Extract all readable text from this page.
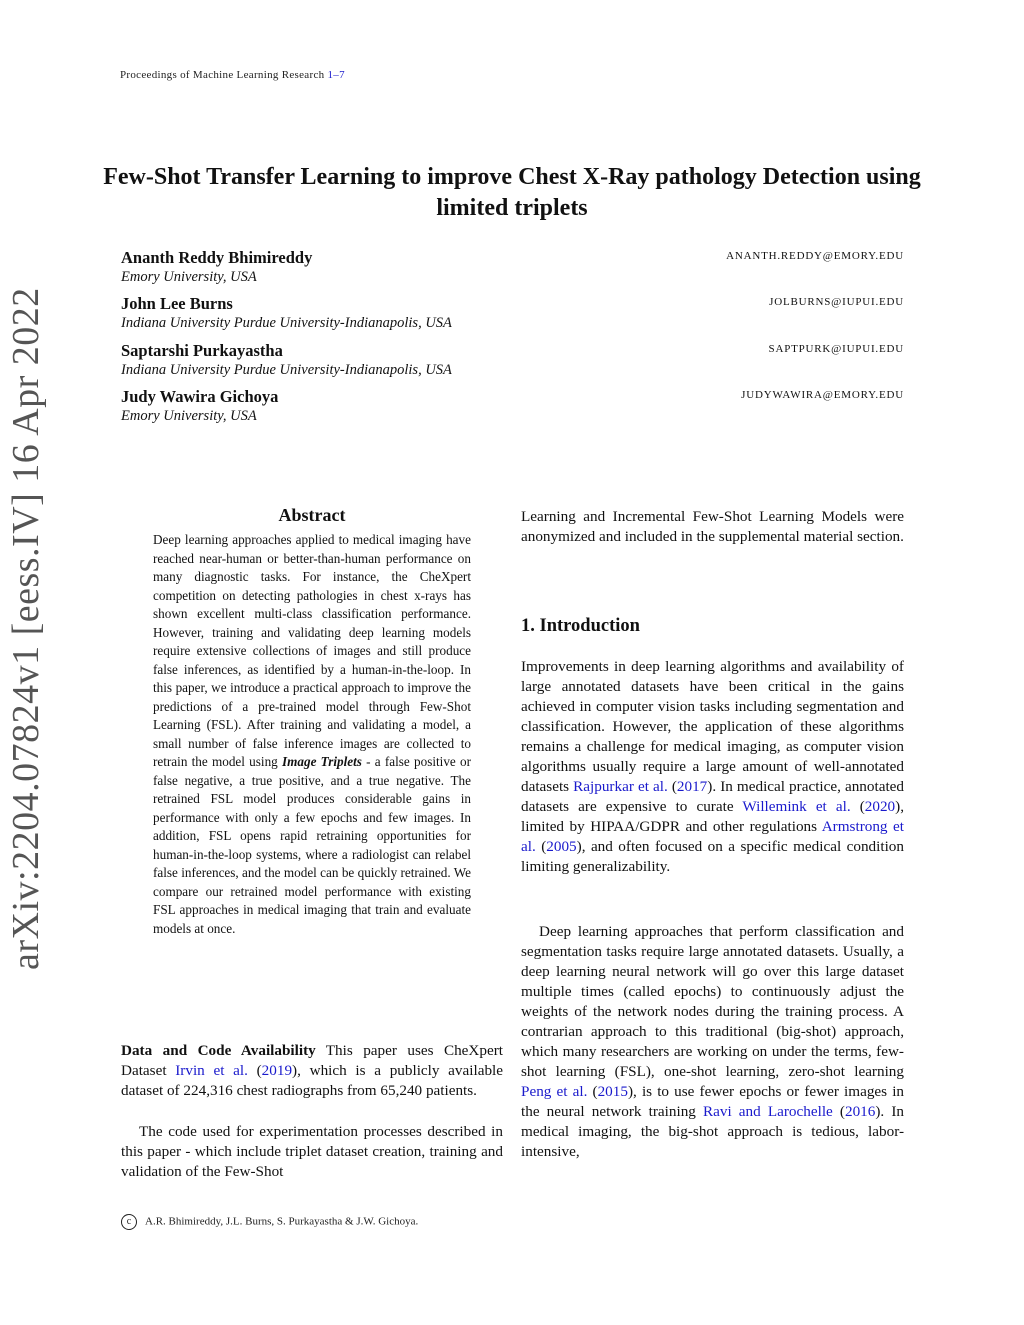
Proceedings of Machine Learning Research 1–7
arXiv:2204.07824v1 [eess.IV] 16 Apr 2022
Few-Shot Transfer Learning to improve Chest X-Ray pathology Detection using limited triplets
Ananth Reddy Bhimireddy	ANANTH.REDDY@EMORY.EDU
Emory University, USA
John Lee Burns	JOLBURNS@IUPUI.EDU
Indiana University Purdue University-Indianapolis, USA
Saptarshi Purkayastha	SAPTPURK@IUPUI.EDU
Indiana University Purdue University-Indianapolis, USA
Judy Wawira Gichoya	JUDYWAWIRA@EMORY.EDU
Emory University, USA
Abstract
Deep learning approaches applied to medical imaging have reached near-human or better-than-human performance on many diagnostic tasks. For instance, the CheXpert competition on detecting pathologies in chest x-rays has shown excellent multi-class classification performance. However, training and validating deep learning models require extensive collections of images and still produce false inferences, as identified by a human-in-the-loop. In this paper, we introduce a practical approach to improve the predictions of a pre-trained model through Few-Shot Learning (FSL). After training and validating a model, a small number of false inference images are collected to retrain the model using Image Triplets - a false positive or false negative, a true positive, and a true negative. The retrained FSL model produces considerable gains in performance with only a few epochs and few images. In addition, FSL opens rapid retraining opportunities for human-in-the-loop systems, where a radiologist can relabel false inferences, and the model can be quickly retrained. We compare our retrained model performance with existing FSL approaches in medical imaging that train and evaluate models at once.
Data and Code Availability This paper uses CheXpert Dataset Irvin et al. (2019), which is a publicly available dataset of 224,316 chest radiographs from 65,240 patients.
The code used for experimentation processes described in this paper - which include triplet dataset creation, training and validation of the Few-Shot
Learning and Incremental Few-Shot Learning Models were anonymized and included in the supplemental material section.
1. Introduction
Improvements in deep learning algorithms and availability of large annotated datasets have been critical in the gains achieved in computer vision tasks including segmentation and classification. However, the application of these algorithms remains a challenge for medical imaging, as computer vision algorithms usually require a large amount of well-annotated datasets Rajpurkar et al. (2017). In medical practice, annotated datasets are expensive to curate Willemink et al. (2020), limited by HIPAA/GDPR and other regulations Armstrong et al. (2005), and often focused on a specific medical condition limiting generalizability.
Deep learning approaches that perform classification and segmentation tasks require large annotated datasets. Usually, a deep learning neural network will go over this large dataset multiple times (called epochs) to continuously adjust the weights of the network nodes during the training process. A contrarian approach to this traditional (big-shot) approach, which many researchers are working on under the terms, few-shot learning (FSL), one-shot learning, zero-shot learning Peng et al. (2015), is to use fewer epochs or fewer images in the neural network training Ravi and Larochelle (2016). In medical imaging, the big-shot approach is tedious, labor-intensive,
c A.R. Bhimireddy, J.L. Burns, S. Purkayastha & J.W. Gichoya.
